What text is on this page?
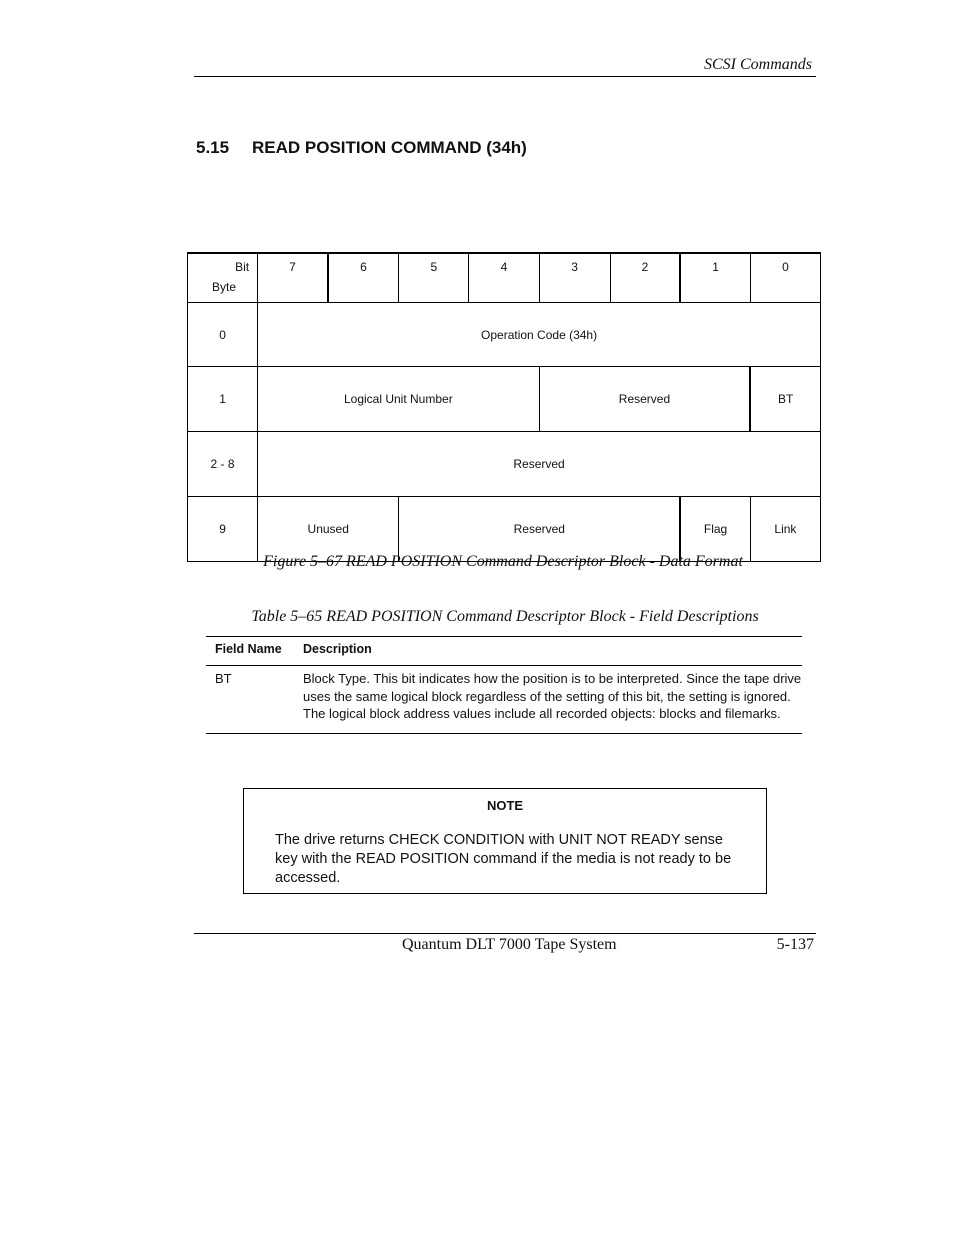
SCSI Commands
5.15 READ POSITION COMMAND (34h)
Bit
Byte	7	6	5	4	3	2	1	0
0	Operation Code (34h)							
1	Logical Unit Number				Reserved			BT
2 - 8	Reserved							
9	Unused		Reserved				Flag	Link
Figure 5–67 READ POSITION Command Descriptor Block - Data Format
Table 5–65 READ POSITION Command Descriptor Block - Field Descriptions
Field Name	Description
BT	Block Type. This bit indicates how the position is to be interpreted. Since the tape drive uses the same logical block regardless of the setting of this bit, the setting is ignored. The logical block address values include all recorded objects: blocks and filemarks.
NOTE
The drive returns CHECK CONDITION with UNIT NOT READY sense key with the READ POSITION command if the media is not ready to be accessed.
Quantum DLT 7000 Tape System	5-137
